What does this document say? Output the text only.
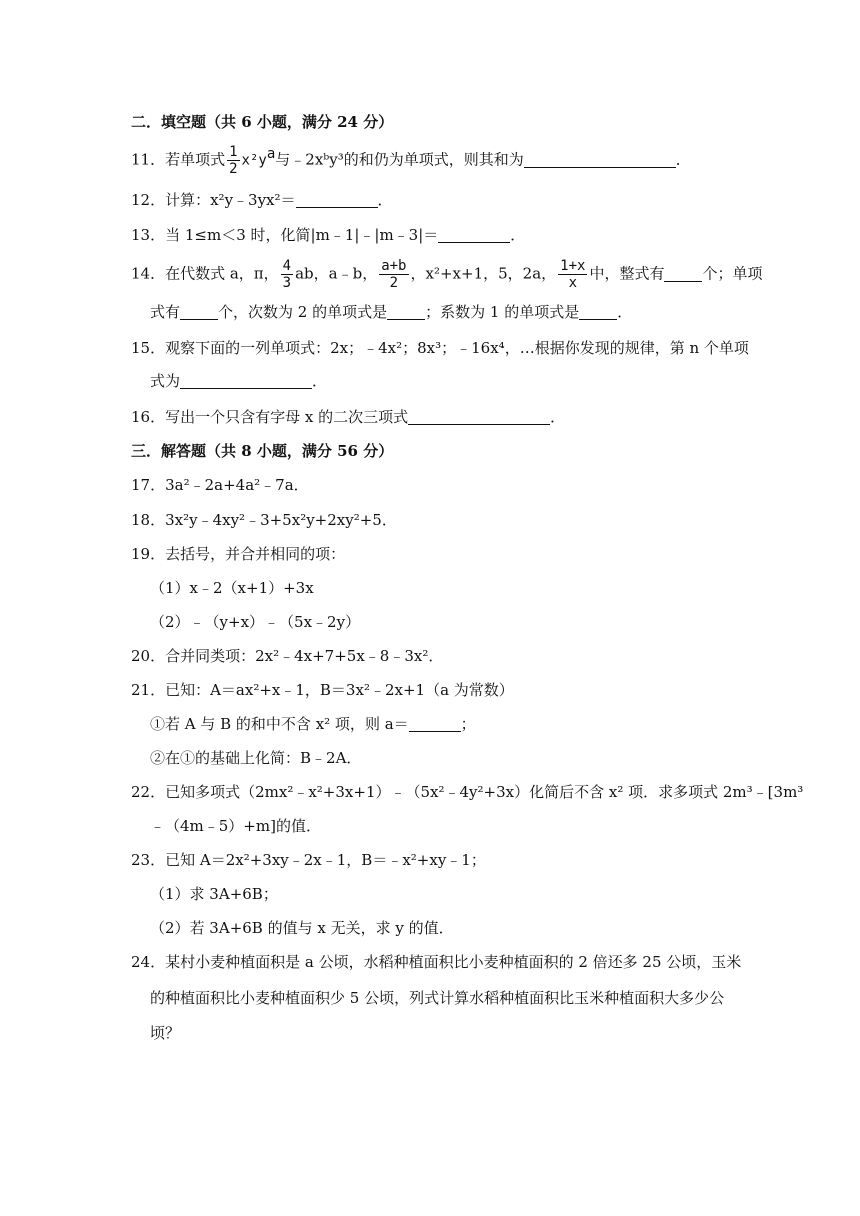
二．填空题（共 6 小题，满分 24 分）
11．若单项式 $\frac{1}{2} x^2y^a$与﹣2xᵇy³的和仍为单项式，则其和为	．
12．计算：x²y﹣3yx²＝	．
13．当 1≤m＜3 时，化简|m﹣1|﹣|m﹣3|＝	．
14．在代数式 a，π， $\frac{4}{3}$ ab，a﹣b， $\frac{a+b}{2}$ ，x²+x+1，5，2a， $\frac{1+x}{x}$ 中，整式有	个；单项
式有	个，次数为 2 的单项式是	；系数为 1 的单项式是	．
15．观察下面的一列单项式：2x；﹣4x²；8x³；﹣16x⁴，…根据你发现的规律，第 n 个单项
式为	．
16．写出一个只含有字母 x 的二次三项式	．
三．解答题（共 8 小题，满分 56 分）
17．3a²﹣2a+4a²﹣7a．
18．3x²y﹣4xy²﹣3+5x²y+2xy²+5．
19．去括号，并合并相同的项：
（1）x﹣2（x+1）+3x
（2）﹣（y+x）﹣（5x﹣2y）
20．合并同类项：2x²﹣4x+7+5x﹣8﹣3x²．
21．已知：A＝ax²+x﹣1，B＝3x²﹣2x+1（a 为常数）
①若 A 与 B 的和中不含 x² 项，则 a＝	；
②在①的基础上化简：B﹣2A．
22．已知多项式（2mx²﹣x²+3x+1）﹣（5x²﹣4y²+3x）化简后不含 x² 项．求多项式 2m³﹣[3m³
﹣（4m﹣5）+m]的值．
23．已知 A＝2x²+3xy﹣2x﹣1，B＝﹣x²+xy﹣1；
（1）求 3A+6B；
（2）若 3A+6B 的值与 x 无关，求 y 的值．
24．某村小麦种植面积是 a 公顷，水稻种植面积比小麦种植面积的 2 倍还多 25 公顷，玉米
的种植面积比小麦种植面积少 5 公顷，列式计算水稻种植面积比玉米种植面积大多少公
顷？
